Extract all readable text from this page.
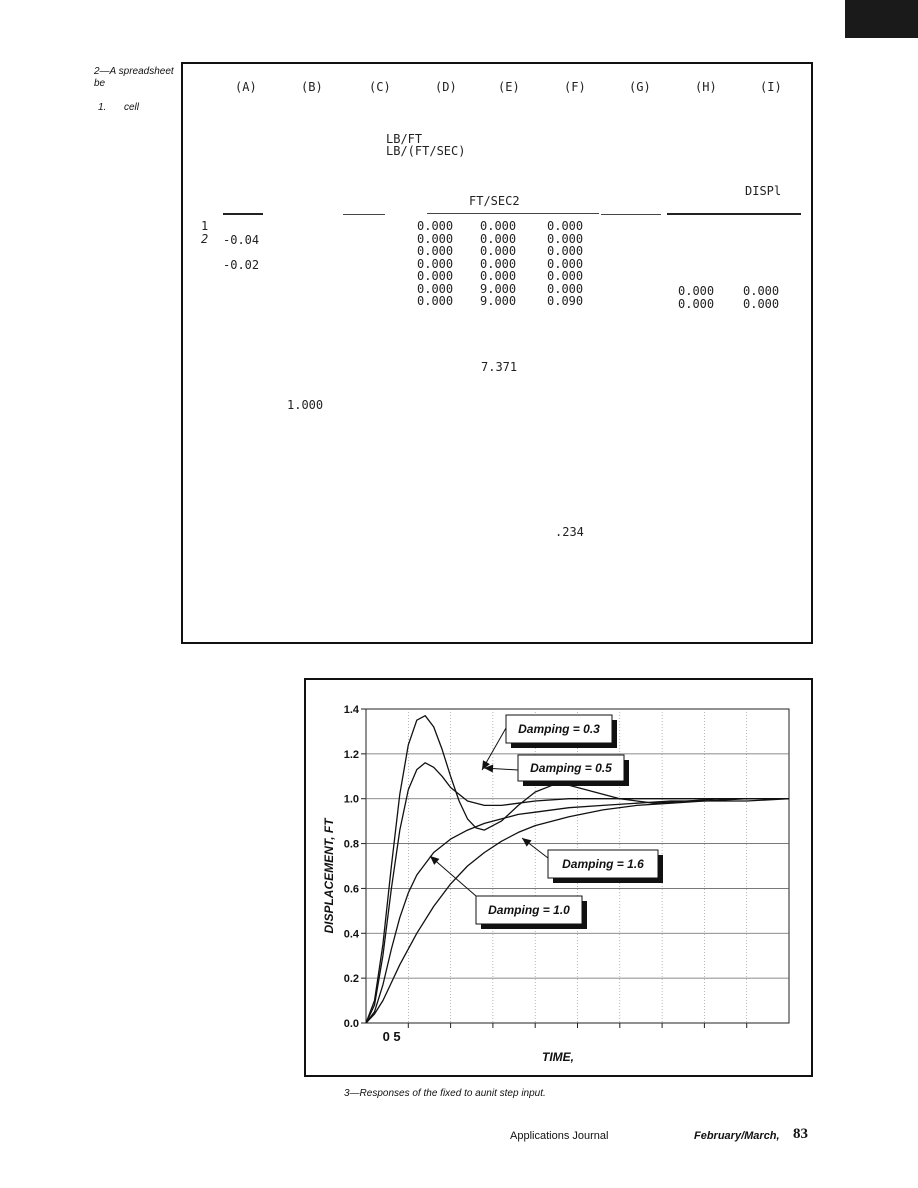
2—A spreadsheet
be
1. cell
(A)	(B)	(C)	(D)	(E)	(F)	(G)	(H)	(I)
LB/FT
LB/(FT/SEC)
DISPl
FT/SEC2
1
2 -0.04
-0.02
0.000 0.000	0.000
0.000 0.000	0.000
0.000 0.000	0.000
0.000 0.000	0.000
0.000 0.000	0.000
0.000 9.000	0.000
0.000 9.000	0.090
0.000 0.000
0.000 0.000
7.371
1.000
.234
0.0
0.2
0.4
0.6
0.8
1.0
1.2
1.4
0 5
TIME,
DISPLACEMENT, FT
Damping = 0.3
Damping = 0.5
Damping = 1.6
Damping = 1.0
3—Responses of the fixed to aunit step input.
Applications Journal	February/March, 83
